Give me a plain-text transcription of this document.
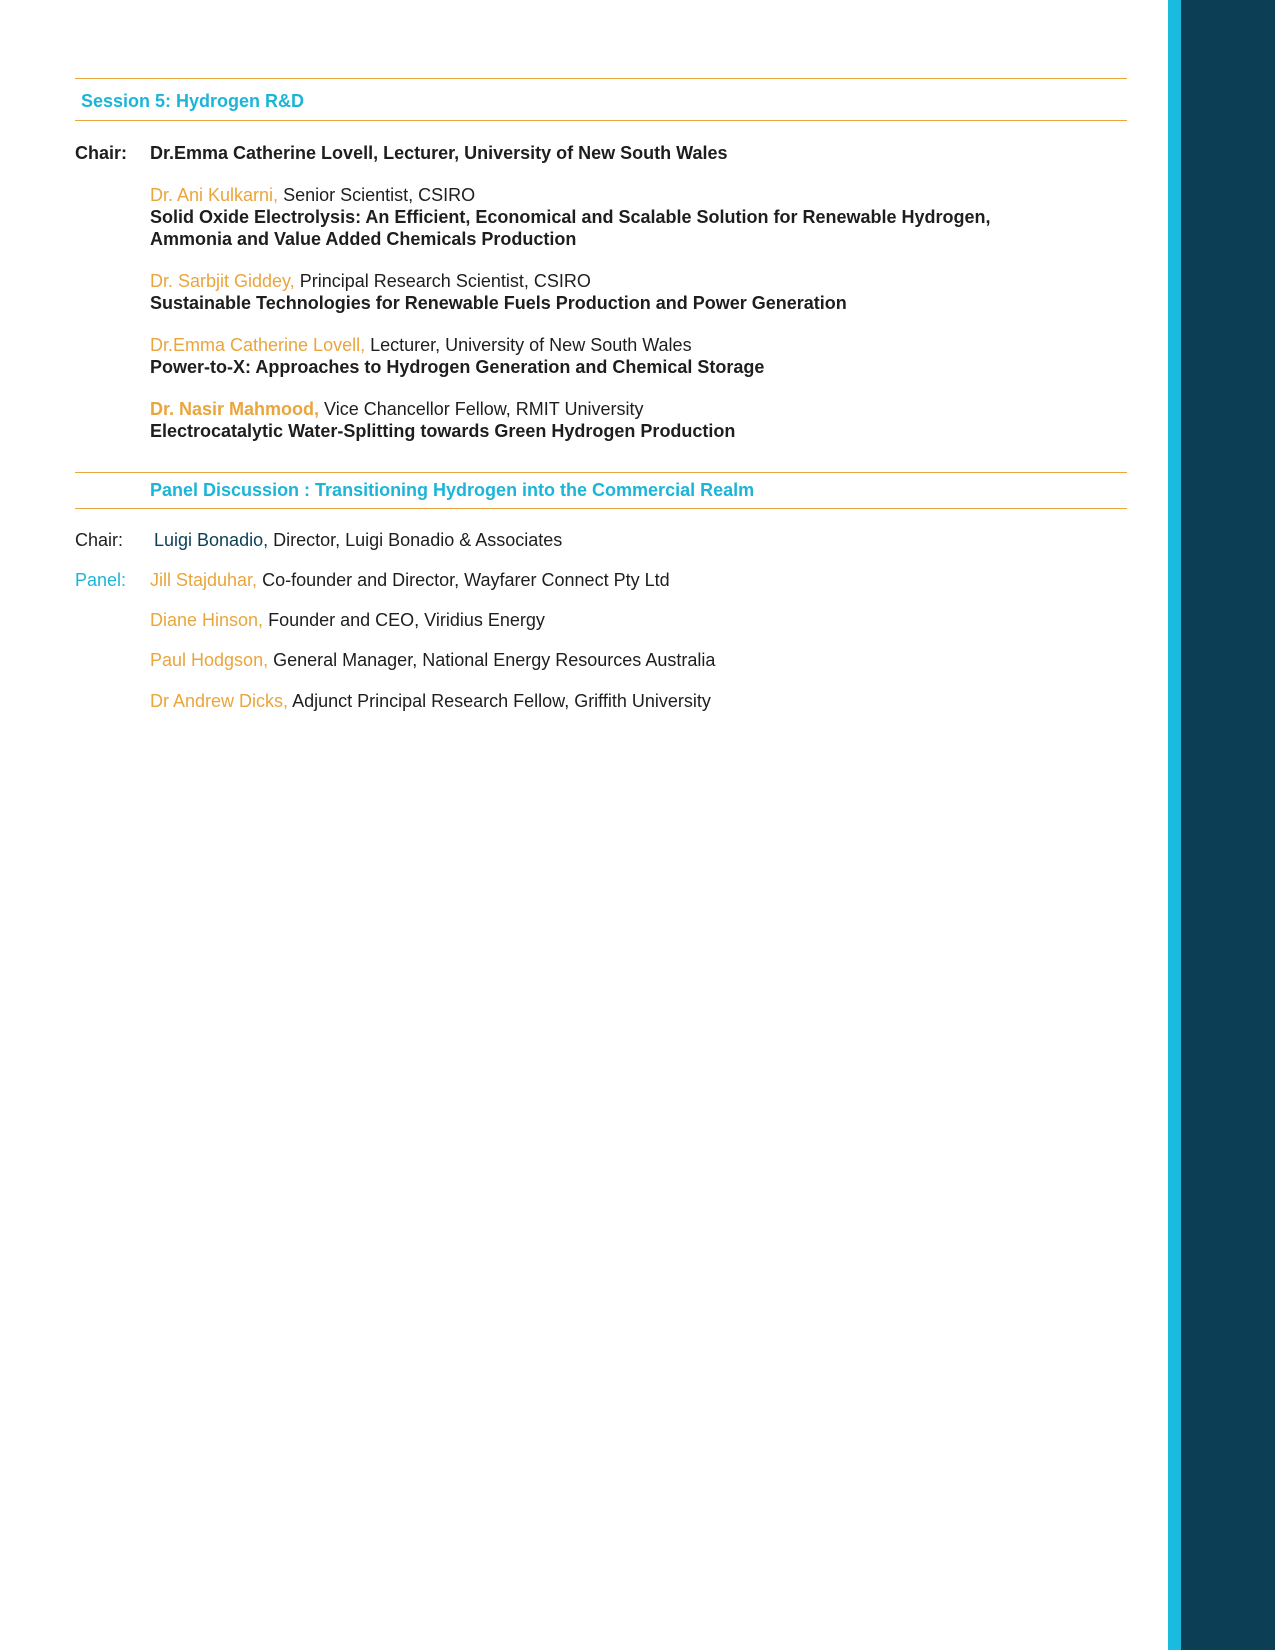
Session 5: Hydrogen R&D
Chair: Dr.Emma Catherine Lovell, Lecturer, University of New South Wales
Dr. Ani Kulkarni, Senior Scientist, CSIRO
Solid Oxide Electrolysis: An Efficient, Economical and Scalable Solution for Renewable Hydrogen,
Ammonia and Value Added Chemicals Production
Dr. Sarbjit Giddey, Principal Research Scientist, CSIRO
Sustainable Technologies for Renewable Fuels Production and Power Generation
Dr.Emma Catherine Lovell, Lecturer, University of New South Wales
Power-to-X: Approaches to Hydrogen Generation and Chemical Storage
Dr. Nasir Mahmood, Vice Chancellor Fellow, RMIT University
Electrocatalytic Water-Splitting towards Green Hydrogen Production
Panel Discussion : Transitioning Hydrogen into the Commercial Realm
Chair: Luigi Bonadio, Director, Luigi Bonadio & Associates
Panel: Jill Stajduhar, Co-founder and Director, Wayfarer Connect Pty Ltd
Diane Hinson, Founder and CEO, Viridius Energy
Paul Hodgson, General Manager, National Energy Resources Australia
Dr Andrew Dicks, Adjunct Principal Research Fellow, Griffith University
